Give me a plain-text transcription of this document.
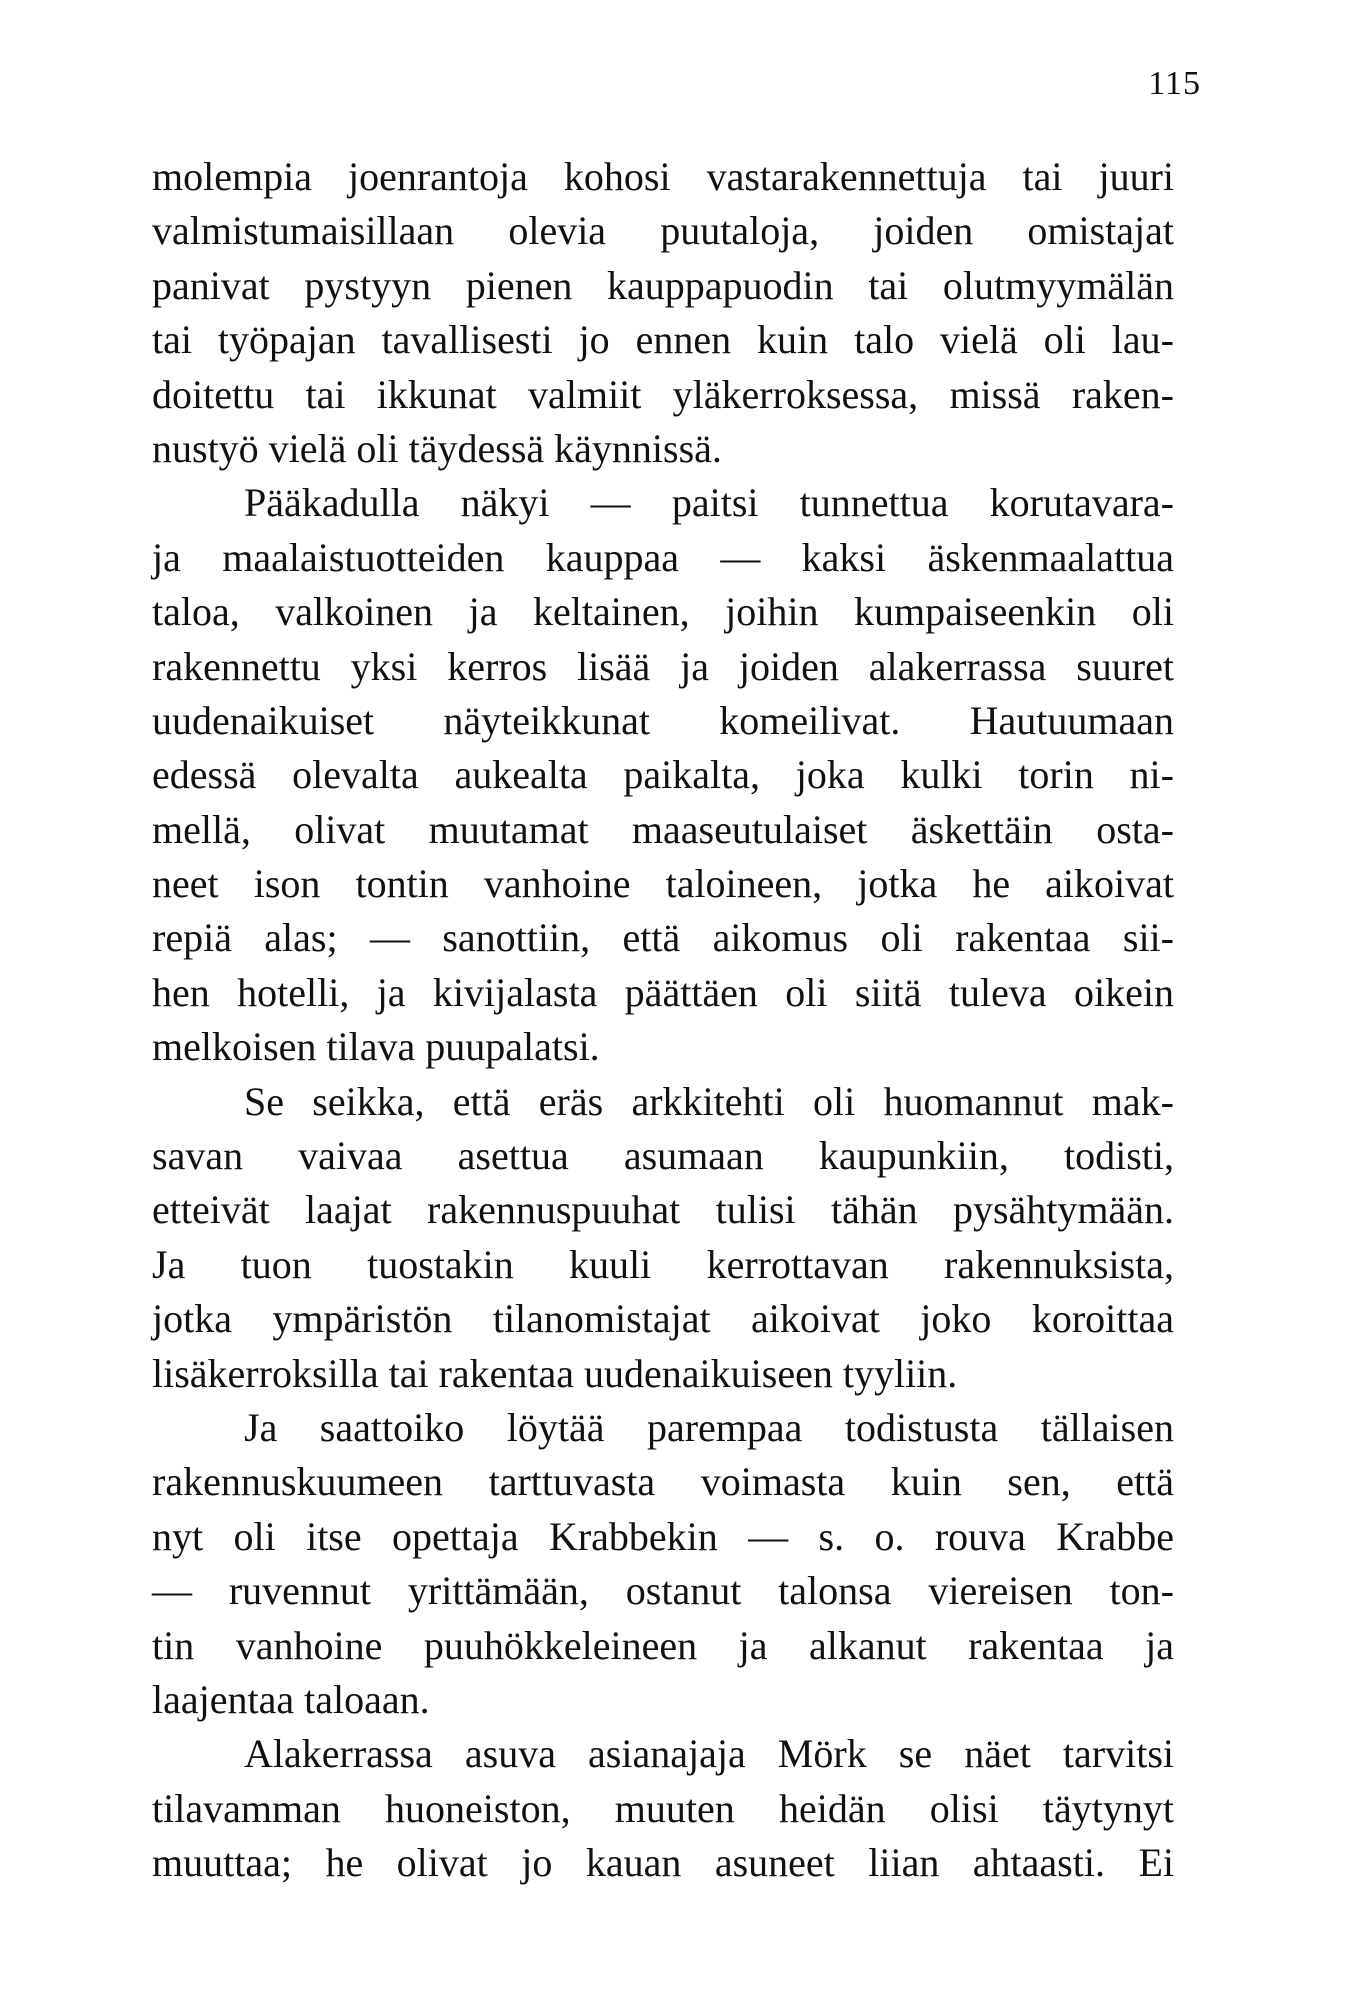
115
molempia joenrantoja kohosi vastarakennettuja tai juuri
valmistumaisillaan olevia puutaloja, joiden omistajat
panivat pystyyn pienen kauppapuodin tai olutmyymälän
tai työpajan tavallisesti jo ennen kuin talo vielä oli lau-
doitettu tai ikkunat valmiit yläkerroksessa, missä raken-
nustyö vielä oli täydessä käynnissä.
Pääkadulla näkyi — paitsi tunnettua korutavara-
ja maalaistuotteiden kauppaa — kaksi äskenmaalattua
taloa, valkoinen ja keltainen, joihin kumpaiseenkin oli
rakennettu yksi kerros lisää ja joiden alakerrassa suuret
uudenaikuiset näyteikkunat komeilivat. Hautuumaan
edessä olevalta aukealta paikalta, joka kulki torin ni-
mellä, olivat muutamat maaseutulaiset äskettäin osta-
neet ison tontin vanhoine taloineen, jotka he aikoivat
repiä alas; — sanottiin, että aikomus oli rakentaa sii-
hen hotelli, ja kivijalasta päättäen oli siitä tuleva oikein
melkoisen tilava puupalatsi.
Se seikka, että eräs arkkitehti oli huomannut mak-
savan vaivaa asettua asumaan kaupunkiin, todisti,
etteivät laajat rakennuspuuhat tulisi tähän pysähtymään.
Ja tuon tuostakin kuuli kerrottavan rakennuksista,
jotka ympäristön tilanomistajat aikoivat joko koroittaa
lisäkerroksilla tai rakentaa uudenaikuiseen tyyliin.
Ja saattoiko löytää parempaa todistusta tällaisen
rakennuskuumeen tarttuvasta voimasta kuin sen, että
nyt oli itse opettaja Krabbekin — s. o. rouva Krabbe
— ruvennut yrittämään, ostanut talonsa viereisen ton-
tin vanhoine puuhökkeleineen ja alkanut rakentaa ja
laajentaa taloaan.
Alakerrassa asuva asianajaja Mörk se näet tarvitsi
tilavamman huoneiston, muuten heidän olisi täytynyt
muuttaa; he olivat jo kauan asuneet liian ahtaasti. Ei
